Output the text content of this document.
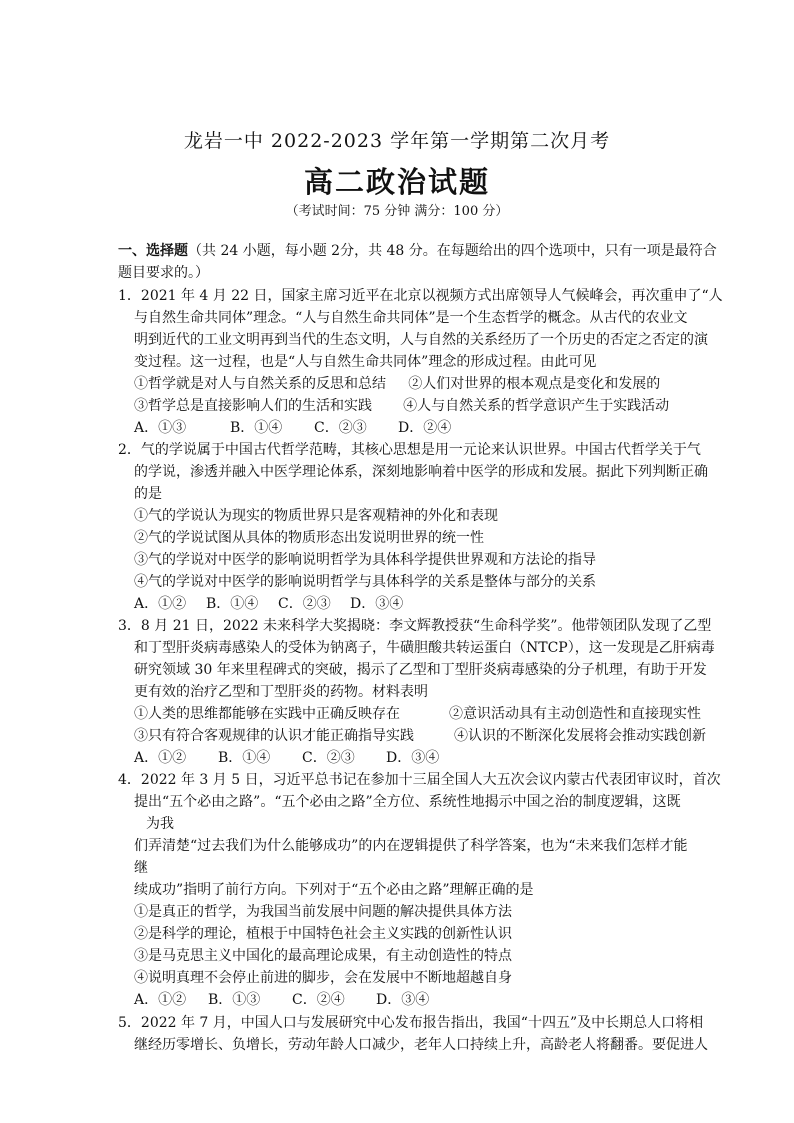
龙岩一中 2022-2023 学年第一学期第二次月考
高二政治试题
（考试时间：75 分钟 满分：100 分）
一、选择题（共 24 小题，每小题 2分，共 48 分。在每题给出的四个选项中，只有一项是最符合
题目要求的。）
1．2021 年 4 月 22 日，国家主席习近平在北京以视频方式出席领导人气候峰会，再次重申了“人
与自然生命共同体”理念。“人与自然生命共同体”是一个生态哲学的概念。从古代的农业文
明到近代的工业文明再到当代的生态文明，人与自然的关系经历了一个历史的否定之否定的演
变过程。这一过程，也是“人与自然生命共同体”理念的形成过程。由此可见
①哲学就是对人与自然关系的反思和总结     ②人们对世界的根本观点是变化和发展的
③哲学总是直接影响人们的生活和实践       ④人与自然关系的哲学意识产生于实践活动
A．①③	B．①④ C．②③ D．②④
2．气的学说属于中国古代哲学范畴，其核心思想是用一元论来认识世界。中国古代哲学关于气
的学说，渗透并融入中医学理论体系，深刻地影响着中医学的形成和发展。据此下列判断正确
的是
①气的学说认为现实的物质世界只是客观精神的外化和表现
②气的学说试图从具体的物质形态出发说明世界的统一性
③气的学说对中医学的影响说明哲学为具体科学提供世界观和方法论的指导
④气的学说对中医学的影响说明哲学与具体科学的关系是整体与部分的关系
A．①② B．①④ C．②③ D．③④
3．8 月 21 日，2022 未来科学大奖揭晓：李文辉教授获“生命科学奖”。他带领团队发现了乙型
和丁型肝炎病毒感染人的受体为钠离子，牛磺胆酸共转运蛋白（NTCP），这一发现是乙肝病毒
研究领域 30 年来里程碑式的突破，揭示了乙型和丁型肝炎病毒感染的分子机理，有助于开发
更有效的治疗乙型和丁型肝炎的药物。材料表明
①人类的思维都能够在实践中正确反映存在           ②意识活动具有主动创造性和直接现实性
③只有符合客观规律的认识才能正确指导实践         ④认识的不断深化发展将会推动实践创新
A．①② B．①④ C．②③ D．③④
4．2022 年 3 月 5 日，习近平总书记在参加十三届全国人大五次会议内蒙古代表团审议时，首次
提出“五个必由之路”。“五个必由之路”全方位、系统性地揭示中国之治的制度逻辑，这既
为我
们弄清楚“过去我们为什么能够成功”的内在逻辑提供了科学答案，也为“未来我们怎样才能
继
续成功”指明了前行方向。下列对于“五个必由之路”理解正确的是
①是真正的哲学，为我国当前发展中问题的解决提供具体方法
②是科学的理论，植根于中国特色社会主义实践的创新性认识
③是马克思主义中国化的最高理论成果，有主动创造性的特点
④说明真理不会停止前进的脚步，会在发展中不断地超越自身
A．①② B．①③ C．②④ D．③④
5．2022 年 7 月，中国人口与发展研究中心发布报告指出，我国“十四五”及中长期总人口将相
继经历零增长、负增长，劳动年龄人口减少，老年人口持续上升，高龄老人将翻番。要促进人
